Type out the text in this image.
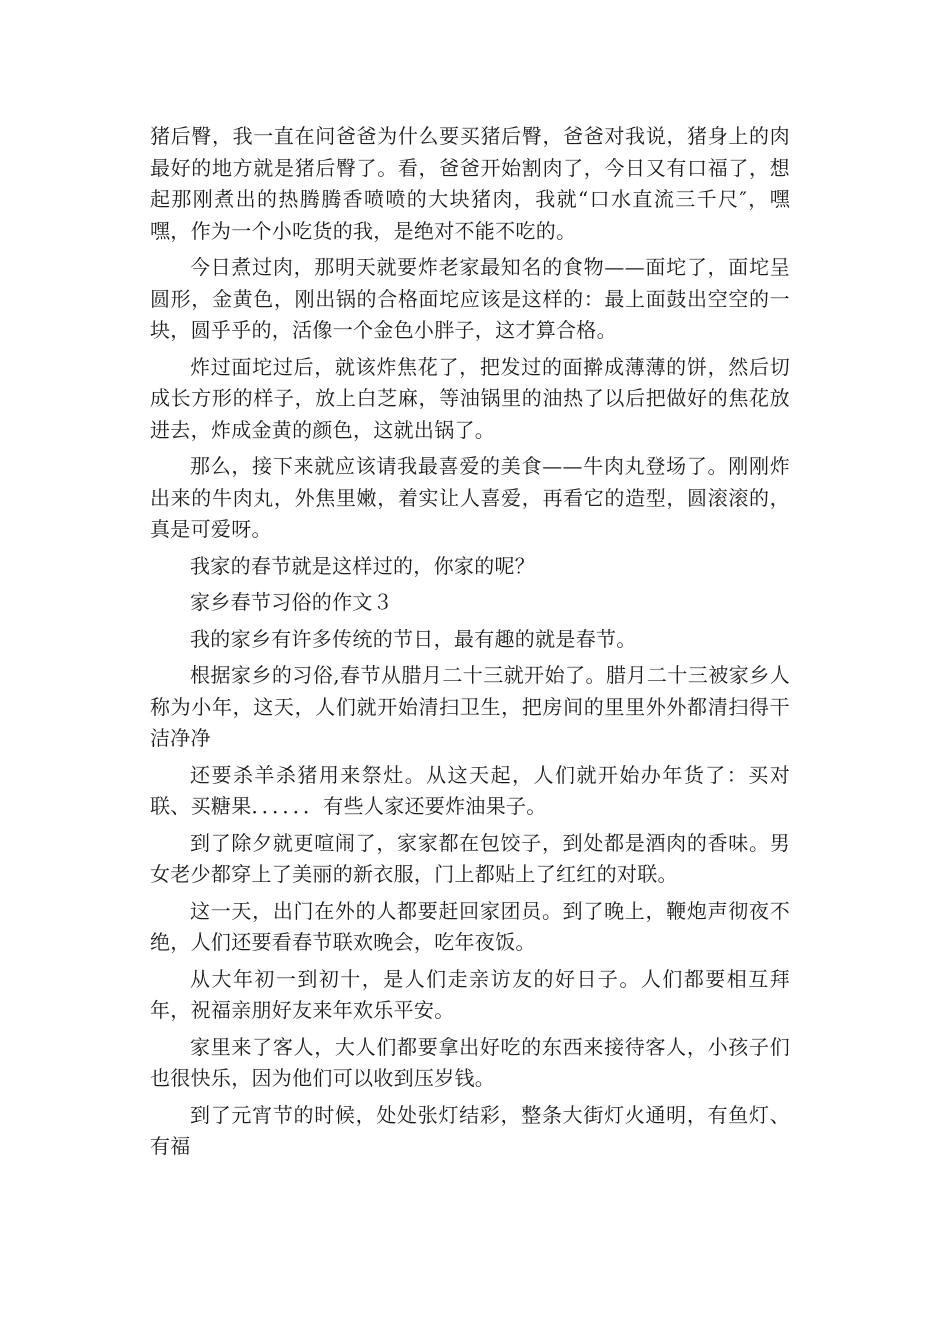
猪后臀，我一直在问爸爸为什么要买猪后臀，爸爸对我说，猪身上的肉最好的地方就是猪后臀了。看，爸爸开始割肉了，今日又有口福了，想起那刚煮出的热腾腾香喷喷的大块猪肉，我就“口水直流三千尺″，嘿嘿，作为一个小吃货的我，是绝对不能不吃的。

今日煮过肉，那明天就要炸老家最知名的食物——面坨了，面坨呈圆形，金黄色，刚出锅的合格面坨应该是这样的：最上面鼓出空空的一块，圆乎乎的，活像一个金色小胖子，这才算合格。

炸过面坨过后，就该炸焦花了，把发过的面擀成薄薄的饼，然后切成长方形的样子，放上白芝麻，等油锅里的油热了以后把做好的焦花放进去，炸成金黄的颜色，这就出锅了。

那么，接下来就应该请我最喜爱的美食——牛肉丸登场了。刚刚炸出来的牛肉丸，外焦里嫩，着实让人喜爱，再看它的造型，圆滚滚的，真是可爱呀。

我家的春节就是这样过的，你家的呢？

家乡春节习俗的作文３

我的家乡有许多传统的节日，最有趣的就是春节。

根据家乡的习俗,春节从腊月二十三就开始了。腊月二十三被家乡人称为小年，这天，人们就开始清扫卫生，把房间的里里外外都清扫得干洁净净

还要杀羊杀猪用来祭灶。从这天起，人们就开始办年货了：买对联、买糖果．．．．．．有些人家还要炸油果子。

到了除夕就更喧闹了，家家都在包饺子，到处都是酒肉的香味。男女老少都穿上了美丽的新衣服，门上都贴上了红红的对联。

这一天，出门在外的人都要赶回家团员。到了晚上，鞭炮声彻夜不绝，人们还要看春节联欢晚会，吃年夜饭。

从大年初一到初十，是人们走亲访友的好日子。人们都要相互拜年，祝福亲朋好友来年欢乐平安。

家里来了客人，大人们都要拿出好吃的东西来接待客人，小孩子们也很快乐，因为他们可以收到压岁钱。

到了元宵节的时候，处处张灯结彩，整条大街灯火通明，有鱼灯、有福
